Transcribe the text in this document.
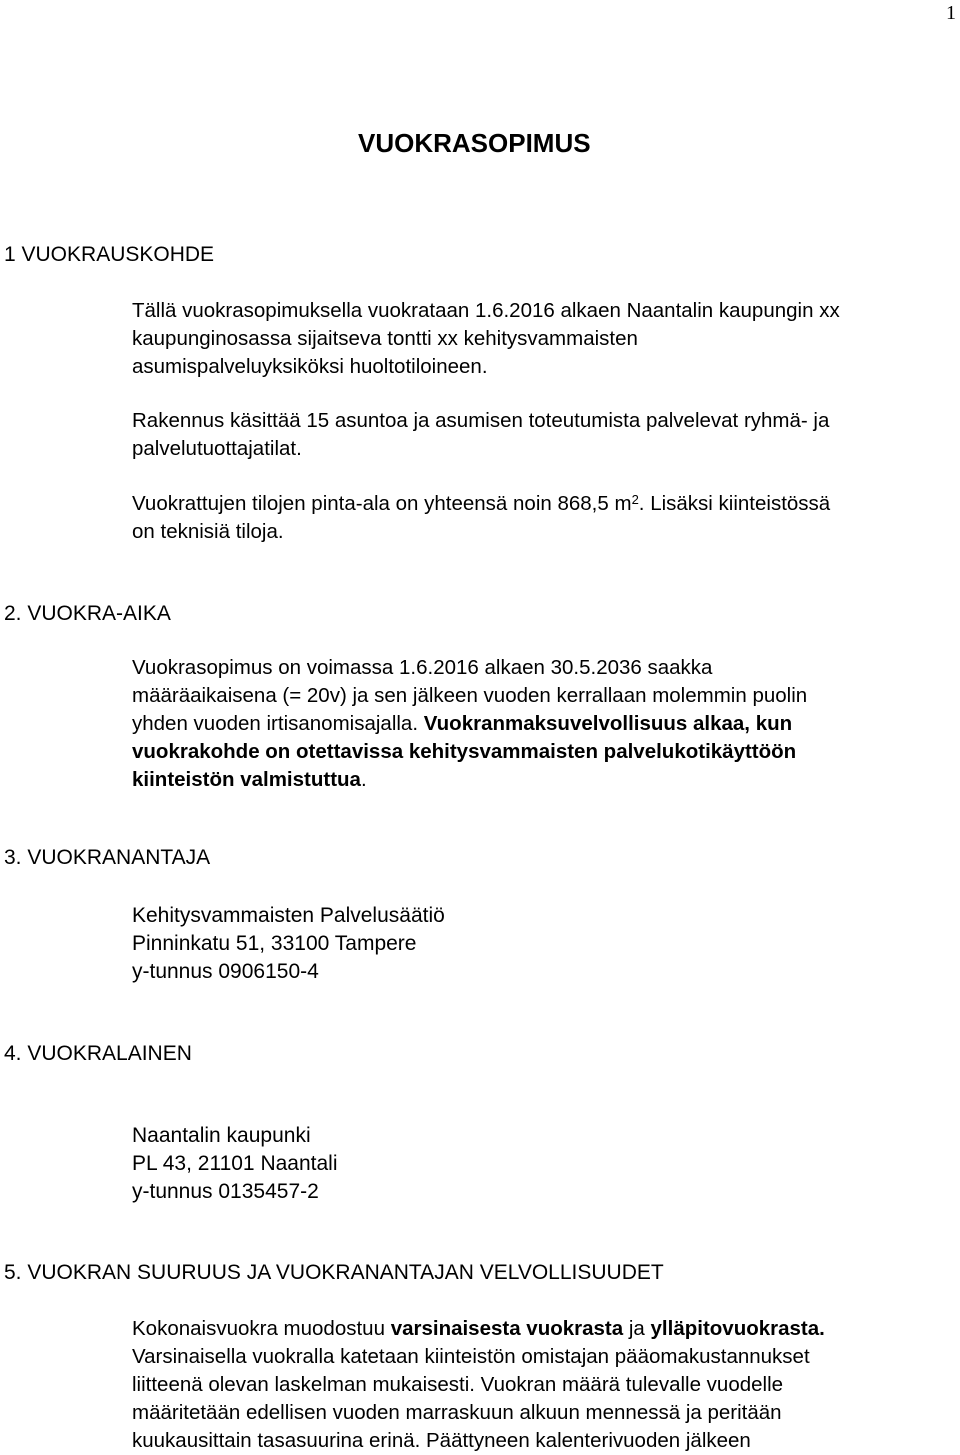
1
VUOKRASOPIMUS
1 VUOKRAUSKOHDE
Tällä vuokrasopimuksella vuokrataan 1.6.2016 alkaen Naantalin kaupungin xx
kaupunginosassa sijaitseva tontti xx kehitysvammaisten
asumispalveluyksiköksi huoltotiloineen.
Rakennus käsittää 15 asuntoa ja asumisen toteutumista palvelevat ryhmä- ja
palvelutuottajatilat.
Vuokrattujen tilojen pinta-ala on yhteensä noin 868,5 $m^2$. Lisäksi kiinteistössä
on teknisiä tiloja.
2. VUOKRA-AIKA
Vuokrasopimus on voimassa 1.6.2016 alkaen 30.5.2036 saakka
määräaikaisena (= 20v) ja sen jälkeen vuoden kerrallaan molemmin puolin
yhden vuoden irtisanomisajalla. Vuokranmaksuvelvollisuus alkaa, kun
vuokrakohde on otettavissa kehitysvammaisten palvelukotikäyttöön
kiinteistön valmistuttua.
3. VUOKRANANTAJA
Kehitysvammaisten Palvelusäätiö
Pinninkatu 51, 33100 Tampere
y-tunnus 0906150-4
4. VUOKRALAINEN
Naantalin kaupunki
PL 43, 21101 Naantali
y-tunnus 0135457-2
5. VUOKRAN SUURUUS JA VUOKRANANTAJAN VELVOLLISUUDET
Kokonaisvuokra muodostuu varsinaisesta vuokrasta ja ylläpitovuokrasta.
Varsinaisella vuokralla katetaan kiinteistön omistajan pääomakustannukset
liitteenä olevan laskelman mukaisesti. Vuokran määrä tulevalle vuodelle
määritetään edellisen vuoden marraskuun alkuun mennessä ja peritään
kuukausittain tasasuurina erinä. Päättyneen kalenterivuoden jälkeen
